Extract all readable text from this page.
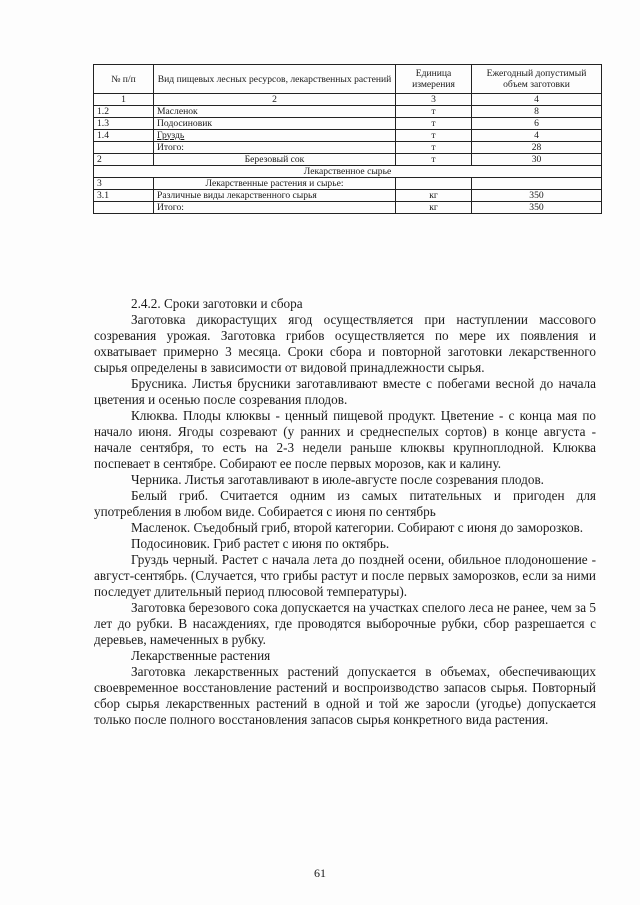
№ п/п	Вид пищевых лесных ресурсов, лекарственных растений	Единица измерения	Ежегодный допустимый объем заготовки
1	2	3	4
1.2	Масленок	т	8
1.3	Подосиновик	т	6
1.4	Груздь	т	4
	Итого:	т	28
2	Березовый сок	т	30
Лекарственное сырье			
3	Лекарственные растения и сырье:		
3.1	Различные виды лекарственного сырья	кг	350
	Итого:	кг	350

2.4.2. Сроки заготовки и сбора

Заготовка дикорастущих ягод осуществляется при наступлении массового созревания урожая. Заготовка грибов осуществляется по мере их появления и охватывает примерно 3 месяца. Сроки сбора и повторной заготовки лекарственного сырья определены в зависимости от видовой принадлежности сырья.

Брусника. Листья брусники заготавливают вместе с побегами весной до начала цветения и осенью после созревания плодов.

Клюква. Плоды клюквы - ценный пищевой продукт. Цветение - с конца мая по начало июня. Ягоды созревают (у ранних и среднеспелых сортов) в конце августа - начале сентября, то есть на 2-3 недели раньше клюквы крупноплодной. Клюква поспевает в сентябре. Собирают ее после первых морозов, как и калину.

Черника. Листья заготавливают в июле-августе после созревания плодов.

Белый гриб. Считается одним из самых питательных и пригоден для употребления в любом виде. Собирается с июня по сентябрь

Масленок. Съедобный гриб, второй категории. Собирают с июня до заморозков.

Подосиновик. Гриб растет с июня по октябрь.

Груздь черный. Растет с начала лета до поздней осени, обильное плодоношение - август-сентябрь. (Случается, что грибы растут и после первых заморозков, если за ними последует длительный период плюсовой температуры).

Заготовка березового сока допускается на участках спелого леса не ранее, чем за 5 лет до рубки. В насаждениях, где проводятся выборочные рубки, сбор разрешается с деревьев, намеченных в рубку.

Лекарственные растения

Заготовка лекарственных растений допускается в объемах, обеспечивающих своевременное восстановление растений и воспроизводство запасов сырья. Повторный сбор сырья лекарственных растений в одной и той же заросли (угодье) допускается только после полного восстановления запасов сырья конкретного вида растения.

61
